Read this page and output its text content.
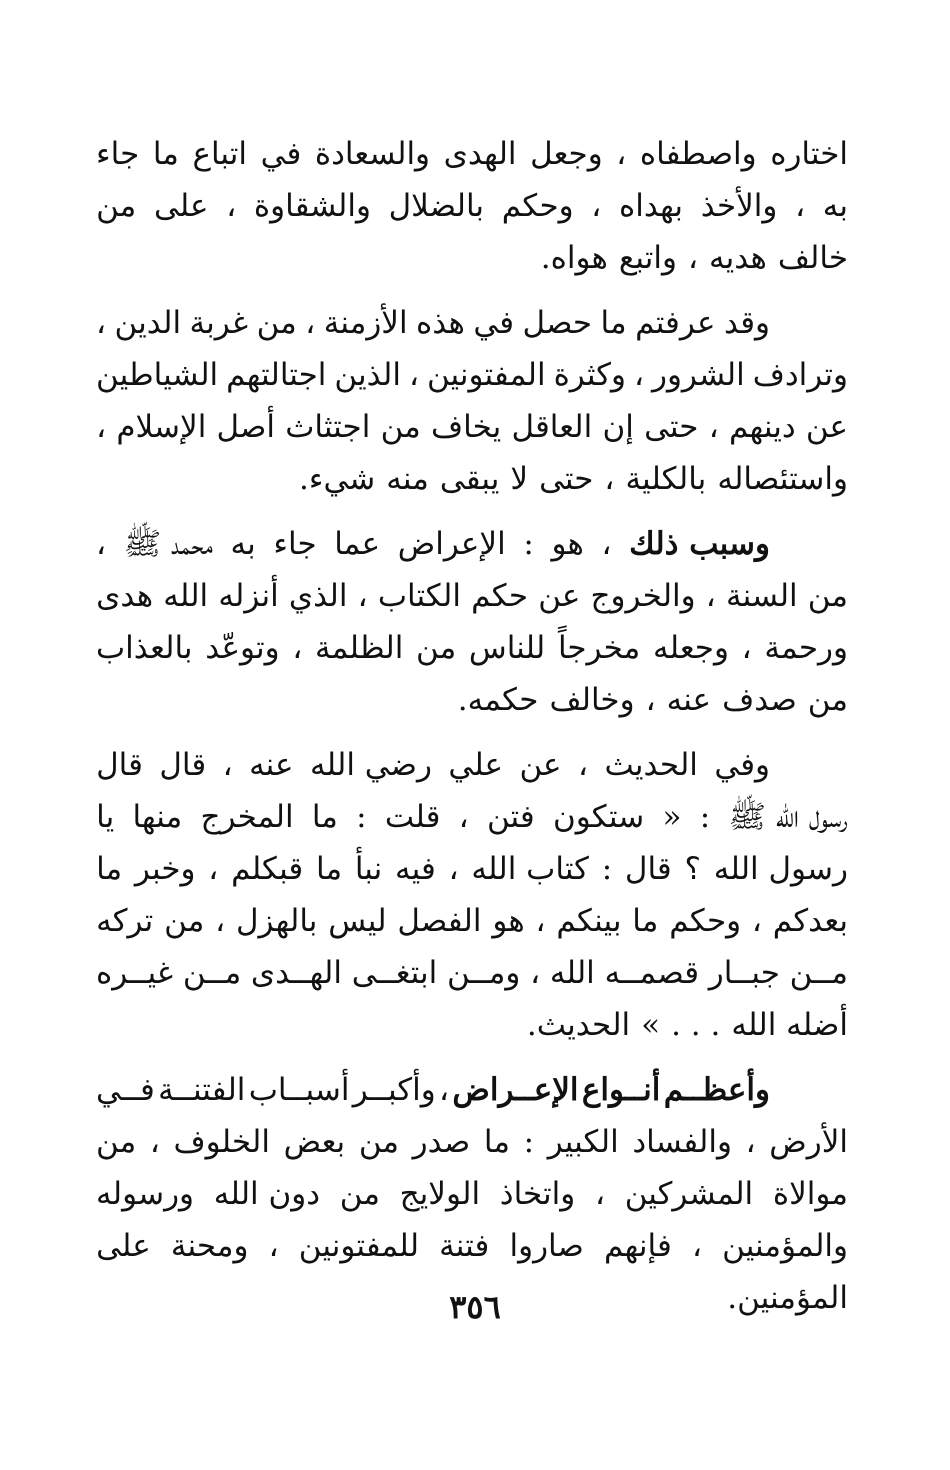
اختاره
واصطفاه
،
وجعل
الهدى
والسعادة
في
اتباع
ما
جاء
به
،
والأخذ
بهداه
،
وحكم
بالضلال
والشقاوة
،
على
من
خالف
هديه
،
واتبع
هواه.
وقد
عرفتم
ما
حصل
في
هذه
الأزمنة
،
من
غربة
الدين
،
وترادف
الشرور
،
وكثرة
المفتونين
،
الذين
اجتالتهم
الشياطين
عن
دينهم
،
حتى
إن
العاقل
يخاف
من
اجتثاث
أصل
الإسلام
،
واستئصاله
بالكلية
،
حتى
لا
يبقى
منه
شيء.
وسبب ذلك
،
هو
:
الإعراض
عما
جاء
به
محمد ﷺ
،
من
السنة
،
والخروج
عن
حكم
الكتاب
،
الذي
أنزله
الله
هدى
ورحمة
،
وجعله
مخرجاً
للناس
من
الظلمة
،
وتوعّد
بالعذاب
من
صدف
عنه
،
وخالف
حكمه.
وفي
الحديث
،
عن
علي
رضي الله
عنه
،
قال
قال
رسول الله ﷺ
:
«
ستكون
فتن
،
قلت
:
ما
المخرج
منها
يا
رسول الله
؟
قال
:
كتاب الله
،
فيه
نبأ
ما
قبكلم
،
وخبر
ما
بعدكم
،
وحكم
ما
بينكم
،
هو
الفصل
ليس
بالهزل
،
من
تركه
مــن
جبــار
قصمــه الله
،
ومــن
ابتغــى
الهــدى
مــن
غيــره
أضله الله
. . .
»
الحديث.
وأعظــم
أنــواع
الإعــراض
،
وأكبــر
أسبــاب
الفتنــة
فــي
الأرض
،
والفساد
الكبير
:
ما
صدر
من
بعض
الخلوف
،
من
موالاة
المشركين
،
واتخاذ
الولايج
من
دون الله
ورسوله
والمؤمنين
،
فإنهم
صاروا
فتنة
للمفتونين
،
ومحنة
على
المؤمنين.
٣٥٦
